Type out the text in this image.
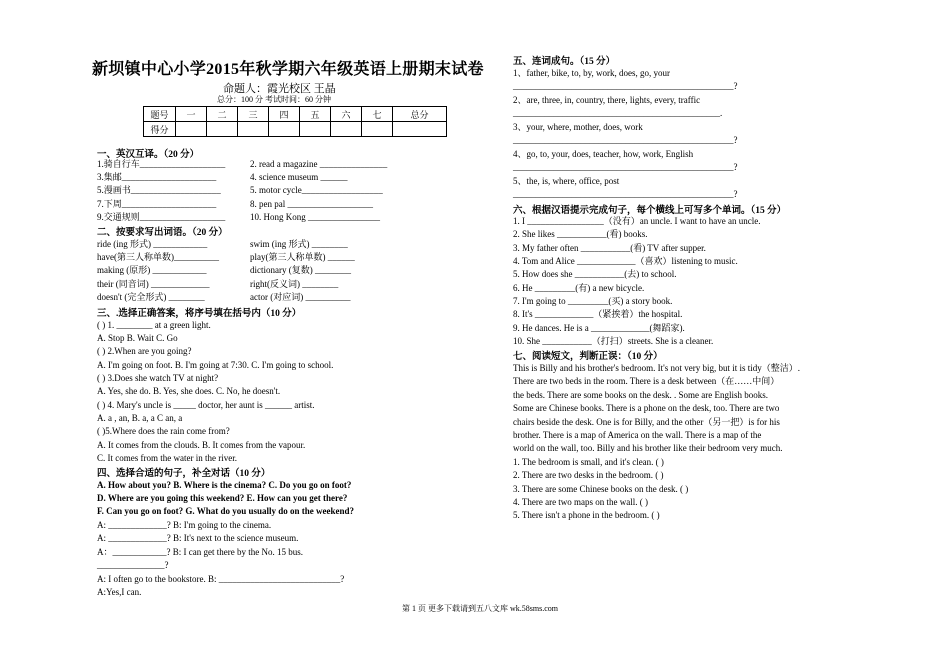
新坝镇中心小学2015年秋学期六年级英语上册期末试卷
命题人：霞光校区 王晶
总分：100 分 考试时间：60 分钟
题号	一	二	三	四	五	六	七	总分
得分								
一、英汉互译。（20 分）
1.骑自行车___________________	2. read a magazine _______________
3.集邮_____________________	4. science museum ______
5.漫画书____________________	5. motor cycle__________________
7.下周_____________________	8. pen pal ___________________
9.交通规则___________________	10. Hong Kong ________________
二、按要求写出词语。（20 分）
ride (ing 形式) ____________	swim (ing 形式) ________
have(第三人称单数)__________	play(第三人称单数) ______
making (原形) ____________	dictionary (复数) ________
their (同音词) _____________	right(反义词) ________
doesn't (完全形式) ________	actor (对应词) __________
三、.选择正确答案，将序号填在括号内（10 分）
( ) 1. ________ at a green light.
A. Stop B. Wait C. Go
( ) 2.When are you going?
A. I'm going on foot. B. I'm going at 7:30. C. I'm going to school.
( ) 3.Does she watch TV at night?
A. Yes, she do. B. Yes, she does. C. No, he doesn't.
( ) 4. Mary's uncle is _____ doctor, her aunt is ______ artist.
A. a , an, B. a, a C an, a
( )5.Where does the rain come from?
A. It comes from the clouds. B. It comes from the vapour.
C. It comes from the water in the river.
四、选择合适的句子，补全对话（10 分）
A. How about you? B. Where is the cinema? C. Do you go on foot?
D. Where are you going this weekend? E. How can you get there?
F. Can you go on foot? G. What do you usually do on the weekend?
A: _____________? B: I'm going to the cinema.
A: _____________? B: It's next to the science museum.
A：____________? B: I can get there by the No. 15 bus.
_______________?
A: I often go to the bookstore. B: ___________________________?
A:Yes,I can.
五、连词成句。（15 分）
1、father, bike, to, by, work, does, go, your
_________________________________________________?
2、are, three, in, country, there, lights, every, traffic
______________________________________________.
3、your, where, mother, does, work
_________________________________________________?
4、go, to, your, does, teacher, how, work, English
_________________________________________________?
5、the, is, where, office, post
_________________________________________________?
六、根据汉语提示完成句子，每个横线上可写多个单词。（15 分）
1. I _________________（没有）an uncle. I want to have an uncle.
2. She likes ___________(看) books.
3. My father often ___________(看) TV after supper.
4. Tom and Alice _____________（喜欢）listening to music.
5. How does she ___________(去) to school.
6. He _________(有) a new bicycle.
7. I'm going to _________(买) a story book.
8. It's _____________（紧挨着）the hospital.
9. He dances. He is a _____________(舞蹈家).
10. She ___________（打扫）streets. She is a cleaner.
七、阅读短文，判断正误：（10 分）
This is Billy and his brother's bedroom. It's not very big, but it is tidy（整洁）.
There are two beds in the room. There is a desk between（在……中间）
the beds. There are some books on the desk. . Some are English books.
Some are Chinese books. There is a phone on the desk, too. There are two
chairs beside the desk. One is for Billy, and the other（另一把）is for his
brother. There is a map of America on the wall. There is a map of the
world on the wall, too. Billy and his brother like their bedroom very much.
1. The bedroom is small, and it's clean. ( )
2. There are two desks in the bedroom. ( )
3. There are some Chinese books on the desk. ( )
4. There are two maps on the wall. ( )
5. There isn't a phone in the bedroom. ( )
第 1 页 更多下载请到五八文库 wk.58sms.com
